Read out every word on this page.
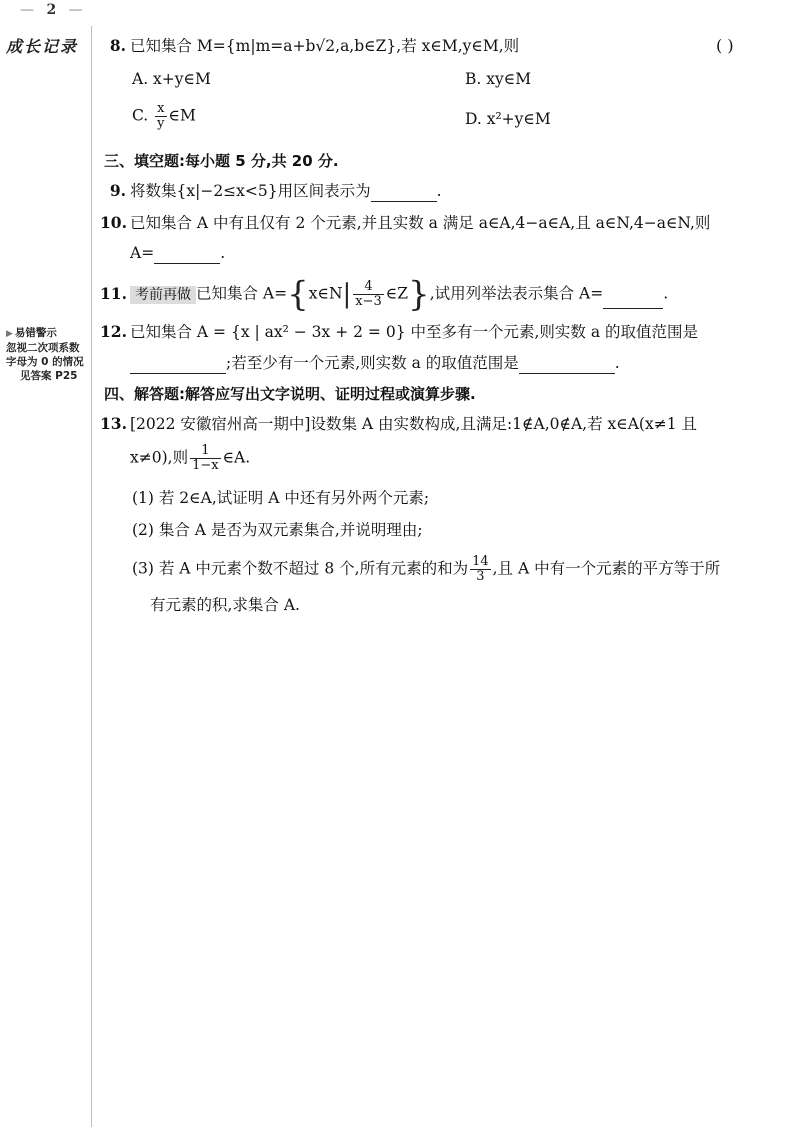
— 2 —
成长记录	8. 已知集合 M={m|m=a+b√2,a,b∈Z},若 x∈M,y∈M,则	( )
A. x+y∈M	B. xy∈M
C. $\frac{x}{y}$ ∈M	D. x²+y∈M
三、填空题:每小题 5 分,共 20 分.
9. 将数集{x|−2≤x<5}用区间表示为	.
10. 已知集合 A 中有且仅有 2 个元素,并且实数 a 满足 a∈A,4−a∈A,且 a∈N,4−a∈N,则
A=	.
11. 考前再做 已知集合 A={x∈N| $\frac{4}{x-3}$ ∈Z},试用列举法表示集合 A=	.
▶ 易错警示
忽视二次项系数
字母为 0 的情况
见答案 P25
12. 已知集合 A = {x | ax² − 3x + 2 = 0} 中至多有一个元素,则实数 a 的取值范围是
;若至少有一个元素,则实数 a 的取值范围是	.
四、解答题:解答应写出文字说明、证明过程或演算步骤.
13. [2022 安徽宿州高一期中]设数集 A 由实数构成,且满足:1∉A,0∉A,若 x∈A(x≠1 且
x≠0),则 $\frac{1}{1-x}$ ∈A.
(1) 若 2∈A,试证明 A 中还有另外两个元素;
(2) 集合 A 是否为双元素集合,并说明理由;
(3) 若 A 中元素个数不超过 8 个,所有元素的和为 $\frac{14}{3}$ ,且 A 中有一个元素的平方等于所
有元素的积,求集合 A.
